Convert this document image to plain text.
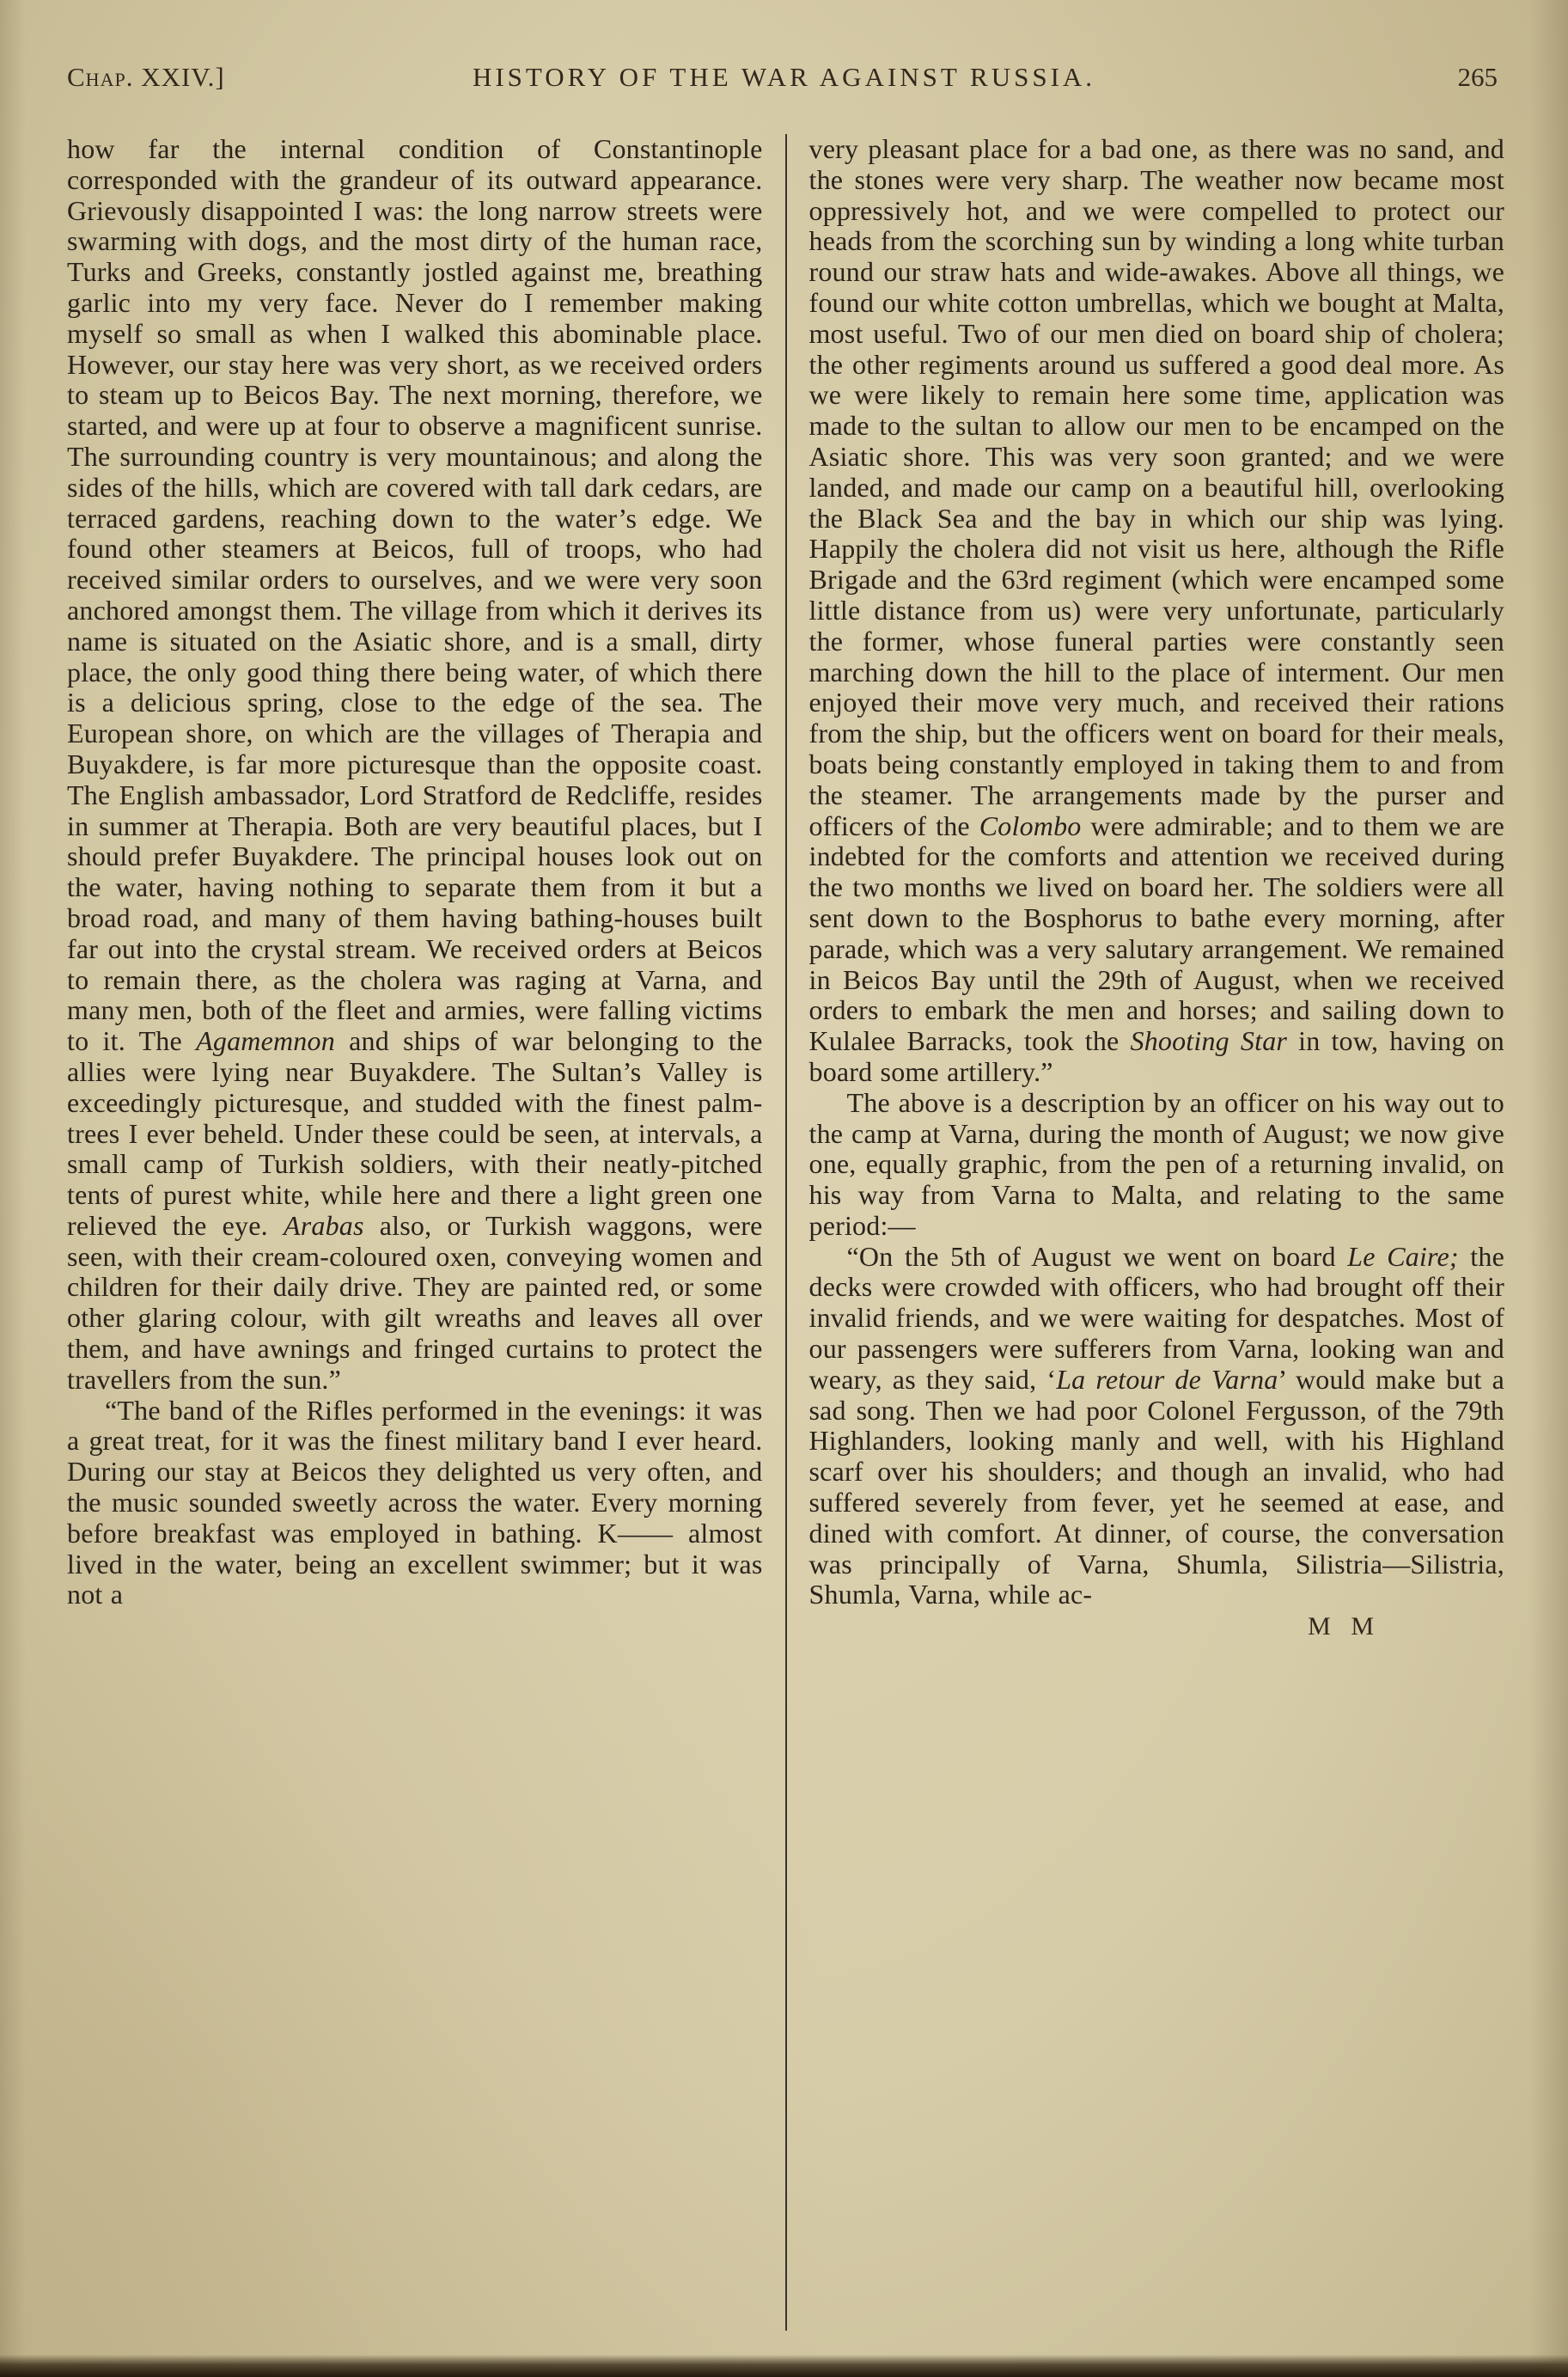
Chap. XXIV.]	HISTORY OF THE WAR AGAINST RUSSIA.	265

how far the internal condition of Constantinople corresponded with the grandeur of its outward appearance. Grievously disappointed I was: the long narrow streets were swarming with dogs, and the most dirty of the human race, Turks and Greeks, constantly jostled against me, breathing garlic into my very face. Never do I remember making myself so small as when I walked this abominable place. However, our stay here was very short, as we received orders to steam up to Beicos Bay. The next morning, therefore, we started, and were up at four to observe a magnificent sunrise. The surrounding country is very mountainous; and along the sides of the hills, which are covered with tall dark cedars, are terraced gardens, reaching down to the water’s edge. We found other steamers at Beicos, full of troops, who had received similar orders to ourselves, and we were very soon anchored amongst them. The village from which it derives its name is situated on the Asiatic shore, and is a small, dirty place, the only good thing there being water, of which there is a delicious spring, close to the edge of the sea. The European shore, on which are the villages of Therapia and Buyakdere, is far more picturesque than the opposite coast. The English ambassador, Lord Stratford de Redcliffe, resides in summer at Therapia. Both are very beautiful places, but I should prefer Buyakdere. The principal houses look out on the water, having nothing to separate them from it but a broad road, and many of them having bathing-houses built far out into the crystal stream. We received orders at Beicos to remain there, as the cholera was raging at Varna, and many men, both of the fleet and armies, were falling victims to it. The Agamemnon and ships of war belonging to the allies were lying near Buyakdere. The Sultan’s Valley is exceedingly picturesque, and studded with the finest palm-trees I ever beheld. Under these could be seen, at intervals, a small camp of Turkish soldiers, with their neatly-pitched tents of purest white, while here and there a light green one relieved the eye. Arabas also, or Turkish waggons, were seen, with their cream-coloured oxen, conveying women and children for their daily drive. They are painted red, or some other glaring colour, with gilt wreaths and leaves all over them, and have awnings and fringed curtains to protect the travellers from the sun.”

“The band of the Rifles performed in the evenings: it was a great treat, for it was the finest military band I ever heard. During our stay at Beicos they delighted us very often, and the music sounded sweetly across the water. Every morning before breakfast was employed in bathing. K—— almost lived in the water, being an excellent swimmer; but it was not a

very pleasant place for a bad one, as there was no sand, and the stones were very sharp. The weather now became most oppressively hot, and we were compelled to protect our heads from the scorching sun by winding a long white turban round our straw hats and wide-awakes. Above all things, we found our white cotton umbrellas, which we bought at Malta, most useful. Two of our men died on board ship of cholera; the other regiments around us suffered a good deal more. As we were likely to remain here some time, application was made to the sultan to allow our men to be encamped on the Asiatic shore. This was very soon granted; and we were landed, and made our camp on a beautiful hill, overlooking the Black Sea and the bay in which our ship was lying. Happily the cholera did not visit us here, although the Rifle Brigade and the 63rd regiment (which were encamped some little distance from us) were very unfortunate, particularly the former, whose funeral parties were constantly seen marching down the hill to the place of interment. Our men enjoyed their move very much, and received their rations from the ship, but the officers went on board for their meals, boats being constantly employed in taking them to and from the steamer. The arrangements made by the purser and officers of the Colombo were admirable; and to them we are indebted for the comforts and attention we received during the two months we lived on board her. The soldiers were all sent down to the Bosphorus to bathe every morning, after parade, which was a very salutary arrangement. We remained in Beicos Bay until the 29th of August, when we received orders to embark the men and horses; and sailing down to Kulalee Barracks, took the Shooting Star in tow, having on board some artillery.”

The above is a description by an officer on his way out to the camp at Varna, during the month of August; we now give one, equally graphic, from the pen of a returning invalid, on his way from Varna to Malta, and relating to the same period:—

“On the 5th of August we went on board Le Caire; the decks were crowded with officers, who had brought off their invalid friends, and we were waiting for despatches. Most of our passengers were sufferers from Varna, looking wan and weary, as they said, ‘La retour de Varna’ would make but a sad song. Then we had poor Colonel Fergusson, of the 79th Highlanders, looking manly and well, with his Highland scarf over his shoulders; and though an invalid, who had suffered severely from fever, yet he seemed at ease, and dined with comfort. At dinner, of course, the conversation was principally of Varna, Shumla, Silistria—Silistria, Shumla, Varna, while ac-

M M
